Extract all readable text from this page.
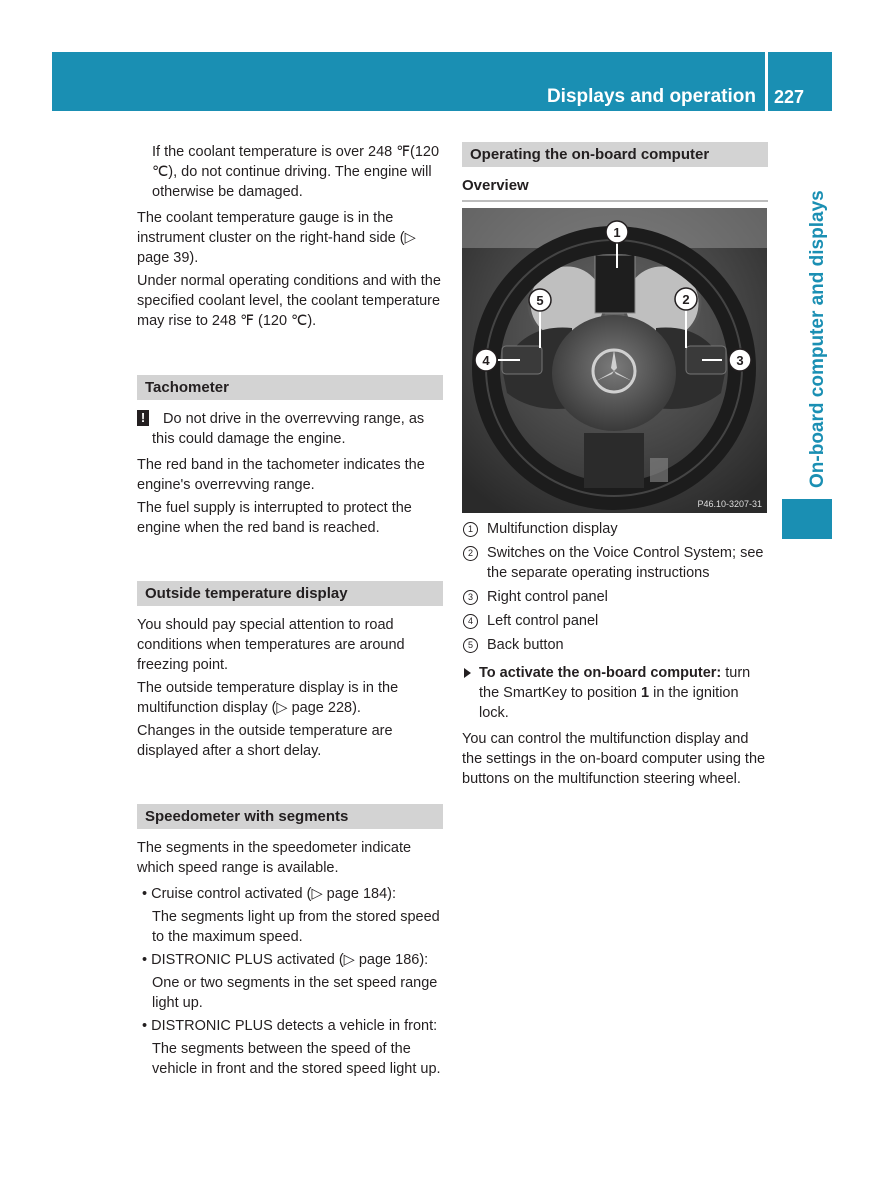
Displays and operation 227
On-board computer and displays

If the coolant temperature is over 248 ℉(120 ℃), do not continue driving. The engine will otherwise be damaged.

The coolant temperature gauge is in the instrument cluster on the right-hand side (▷ page 39).

Under normal operating conditions and with the specified coolant level, the coolant temperature may rise to 248 ℉ (120 ℃).

Tachometer

!	Do not drive in the overrevving range, as this could damage the engine.

The red band in the tachometer indicates the engine's overrevving range.

The fuel supply is interrupted to protect the engine when the red band is reached.

Outside temperature display

You should pay special attention to road conditions when temperatures are around freezing point.

The outside temperature display is in the multifunction display (▷ page 228).

Changes in the outside temperature are displayed after a short delay.

Speedometer with segments

The segments in the speedometer indicate which speed range is available.

• Cruise control activated (▷ page 184):

The segments light up from the stored speed to the maximum speed.

• DISTRONIC PLUS activated (▷ page 186):

One or two segments in the set speed range light up.

• DISTRONIC PLUS detects a vehicle in front:

The segments between the speed of the vehicle in front and the stored speed light up.

Operating the on-board computer
Overview
1
2
3
4
5
P46.10-3207-31
1 Multifunction display
2 Switches on the Voice Control System; see the separate operating instructions
3 Right control panel
4 Left control panel
5 Back button
To activate the on-board computer: turn the SmartKey to position 1 in the ignition lock.

You can control the multifunction display and the settings in the on-board computer using the buttons on the multifunction steering wheel.
